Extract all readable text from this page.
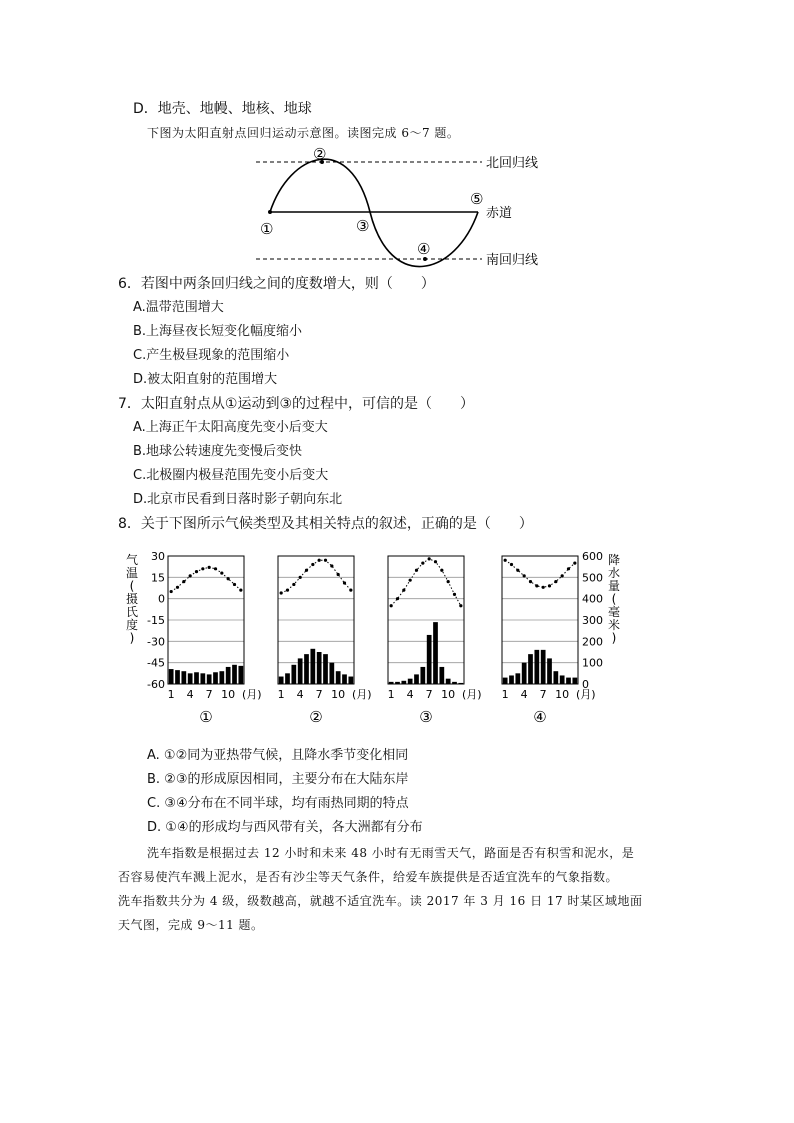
D．地壳、地幔、地核、地球
下图为太阳直射点回归运动示意图。读图完成 6～7 题。
①
②
③
④
⑤
北回归线
赤道
南回归线
6．若图中两条回归线之间的度数增大，则（　　）
A.温带范围增大
B.上海昼夜长短变化幅度缩小
C.产生极昼现象的范围缩小
D.被太阳直射的范围增大
7．太阳直射点从①运动到③的过程中，可信的是（　　）
A.上海正午太阳高度先变小后变大
B.地球公转速度先变慢后变快
C.北极圈内极昼范围先变小后变大
D.北京市民看到日落时影子朝向东北
8．关于下图所示气候类型及其相关特点的叙述，正确的是（　　）
气
温
(
摄
氏
度
)
30
15
0
-15
-30
-45
-60
600
500
400
300
200
100
0
降
水
量
(
毫
米
)
1 4 7 10 (月)
①
1 4 7 10 (月)
②
1 4 7 10 (月)
③
1 4 7 10 (月)
④
A. ①②同为亚热带气候，且降水季节变化相同
B. ②③的形成原因相同，主要分布在大陆东岸
C. ③④分布在不同半球，均有雨热同期的特点
D. ①④的形成均与西风带有关，各大洲都有分布
洗车指数是根据过去 12 小时和未来 48 小时有无雨雪天气，路面是否有积雪和泥水，是
否容易使汽车溅上泥水，是否有沙尘等天气条件，给爱车族提供是否适宜洗车的气象指数。
洗车指数共分为 4 级，级数越高，就越不适宜洗车。读 2017 年 3 月 16 日 17 时某区域地面
天气图，完成 9～11 题。
